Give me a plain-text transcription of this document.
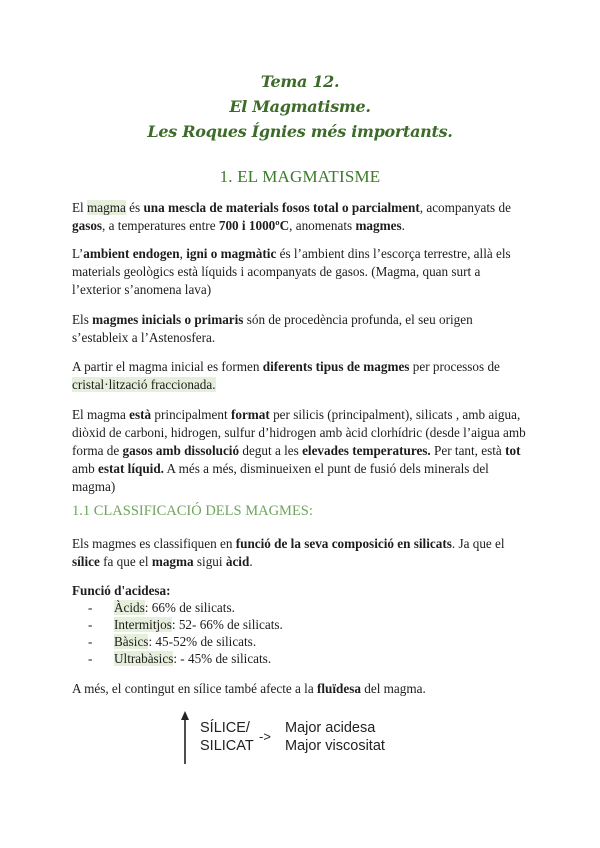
Tema 12.
El Magmatisme.
Les Roques Ígnies més importants.
1. EL MAGMATISME
El magma és una mescla de materials fosos total o parcialment, acompanyats de gasos, a temperatures entre 700 i 1000ºC, anomenats magmes.
L’ambient endogen, igni o magmàtic és l’ambient dins l’escorça terrestre, allà els materials geològics està líquids i acompanyats de gasos. (Magma, quan surt a l’exterior s’anomena lava)
Els magmes inicials o primaris són de procedència profunda, el seu origen s’estableix a l’Astenosfera.
A partir el magma inicial es formen diferents tipus de magmes per processos de cristal·lització fraccionada.
El magma està principalment format per silicis (principalment), silicats , amb aigua, diòxid de carboni, hidrogen, sulfur d’hidrogen amb àcid clorhídric (desde l’aigua amb forma de gasos amb dissolució degut a les elevades temperatures. Per tant, està tot amb estat líquid. A més a més, disminueixen el punt de fusió dels minerals del magma)
1.1 CLASSIFICACIÓ DELS MAGMES:
Els magmes es classifiquen en funció de la seva composició en silicats. Ja que el sílice fa que el magma sigui àcid.
Funció d'acidesa:
- Àcids: 66% de silicats.
- Intermitjos: 52- 66% de silicats.
- Bàsics: 45-52% de silicats.
- Ultrabàsics: - 45% de silicats.
A més, el contingut en sílice també afecte a la fluïdesa del magma.
SÍLICE/
SILICAT
->
Major acidesa
Major viscositat
